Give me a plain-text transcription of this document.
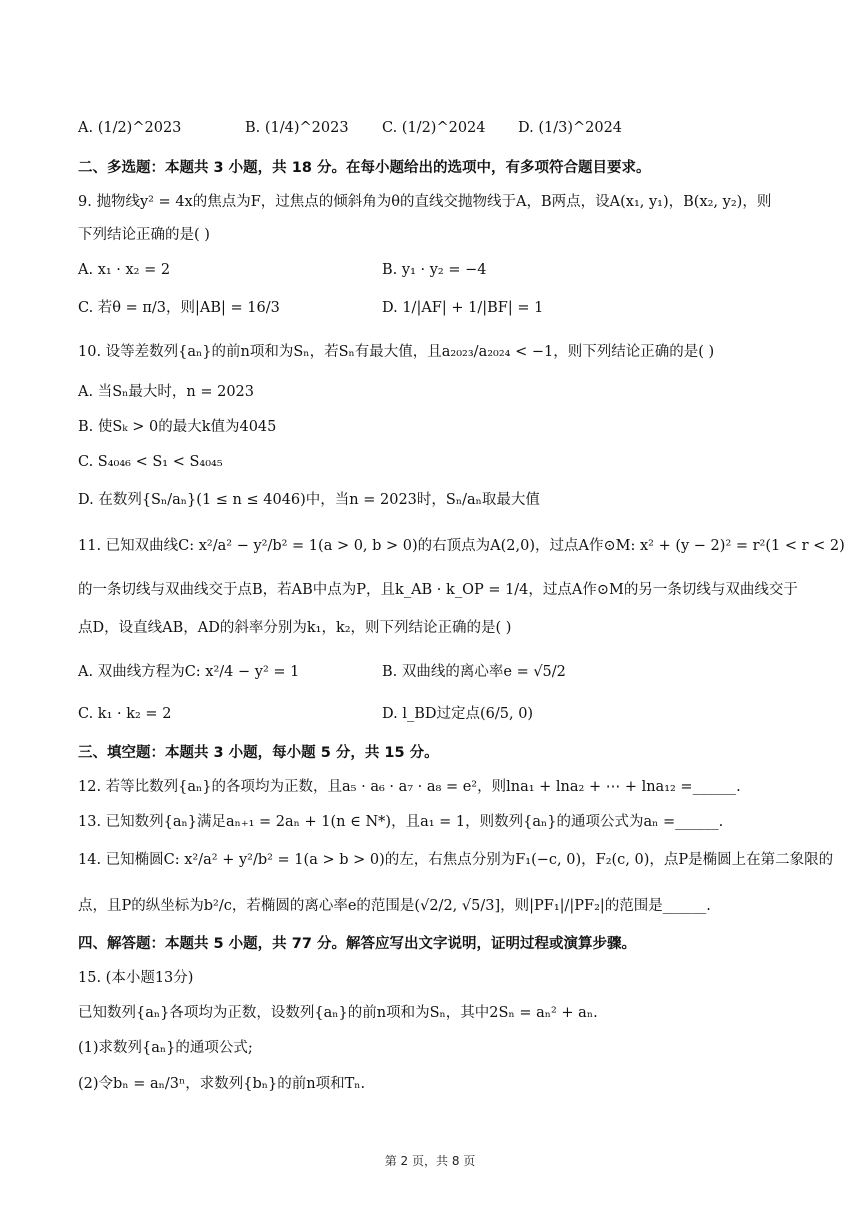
A. (1/2)^2023	B. (1/4)^2023 C. (1/2)^2024 D. (1/3)^2024
二、多选题：本题共 3 小题，共 18 分。在每小题给出的选项中，有多项符合题目要求。
9. 抛物线y² = 4x的焦点为F，过焦点的倾斜角为θ的直线交抛物线于A，B两点，设A(x₁, y₁)，B(x₂, y₂)，则
下列结论正确的是( )
A. x₁ · x₂ = 2	B. y₁ · y₂ = −4
C. 若θ = π/3，则|AB| = 16/3	D. 1/|AF| + 1/|BF| = 1
10. 设等差数列{aₙ}的前n项和为Sₙ，若Sₙ有最大值，且a₂₀₂₃/a₂₀₂₄ < −1，则下列结论正确的是( )
A. 当Sₙ最大时，n = 2023
B. 使Sₖ > 0的最大k值为4045
C. S₄₀₄₆ < S₁ < S₄₀₄₅
D. 在数列{Sₙ/aₙ}(1 ≤ n ≤ 4046)中，当n = 2023时，Sₙ/aₙ取最大值
11. 已知双曲线C: x²/a² − y²/b² = 1(a > 0, b > 0)的右顶点为A(2,0)，过点A作⊙M: x² + (y − 2)² = r²(1 < r < 2)
的一条切线与双曲线交于点B，若AB中点为P，且k_AB · k_OP = 1/4，过点A作⊙M的另一条切线与双曲线交于
点D，设直线AB，AD的斜率分别为k₁，k₂，则下列结论正确的是( )
A. 双曲线方程为C: x²/4 − y² = 1	B. 双曲线的离心率e = √5/2
C. k₁ · k₂ = 2	D. l_BD过定点(6/5, 0)
三、填空题：本题共 3 小题，每小题 5 分，共 15 分。
12. 若等比数列{aₙ}的各项均为正数，且a₅ · a₆ · a₇ · a₈ = e²，则lna₁ + lna₂ + ⋯ + lna₁₂ =______.
13. 已知数列{aₙ}满足aₙ₊₁ = 2aₙ + 1(n ∈ N*)，且a₁ = 1，则数列{aₙ}的通项公式为aₙ =______.
14. 已知椭圆C: x²/a² + y²/b² = 1(a > b > 0)的左，右焦点分别为F₁(−c, 0)，F₂(c, 0)，点P是椭圆上在第二象限的
点，且P的纵坐标为b²/c，若椭圆的离心率e的范围是(√2/2, √5/3]，则|PF₁|/|PF₂|的范围是______.
四、解答题：本题共 5 小题，共 77 分。解答应写出文字说明，证明过程或演算步骤。
15. (本小题13分)
已知数列{aₙ}各项均为正数，设数列{aₙ}的前n项和为Sₙ，其中2Sₙ = aₙ² + aₙ.
(1)求数列{aₙ}的通项公式;
(2)令bₙ = aₙ/3ⁿ，求数列{bₙ}的前n项和Tₙ.
第 2 页，共 8 页
